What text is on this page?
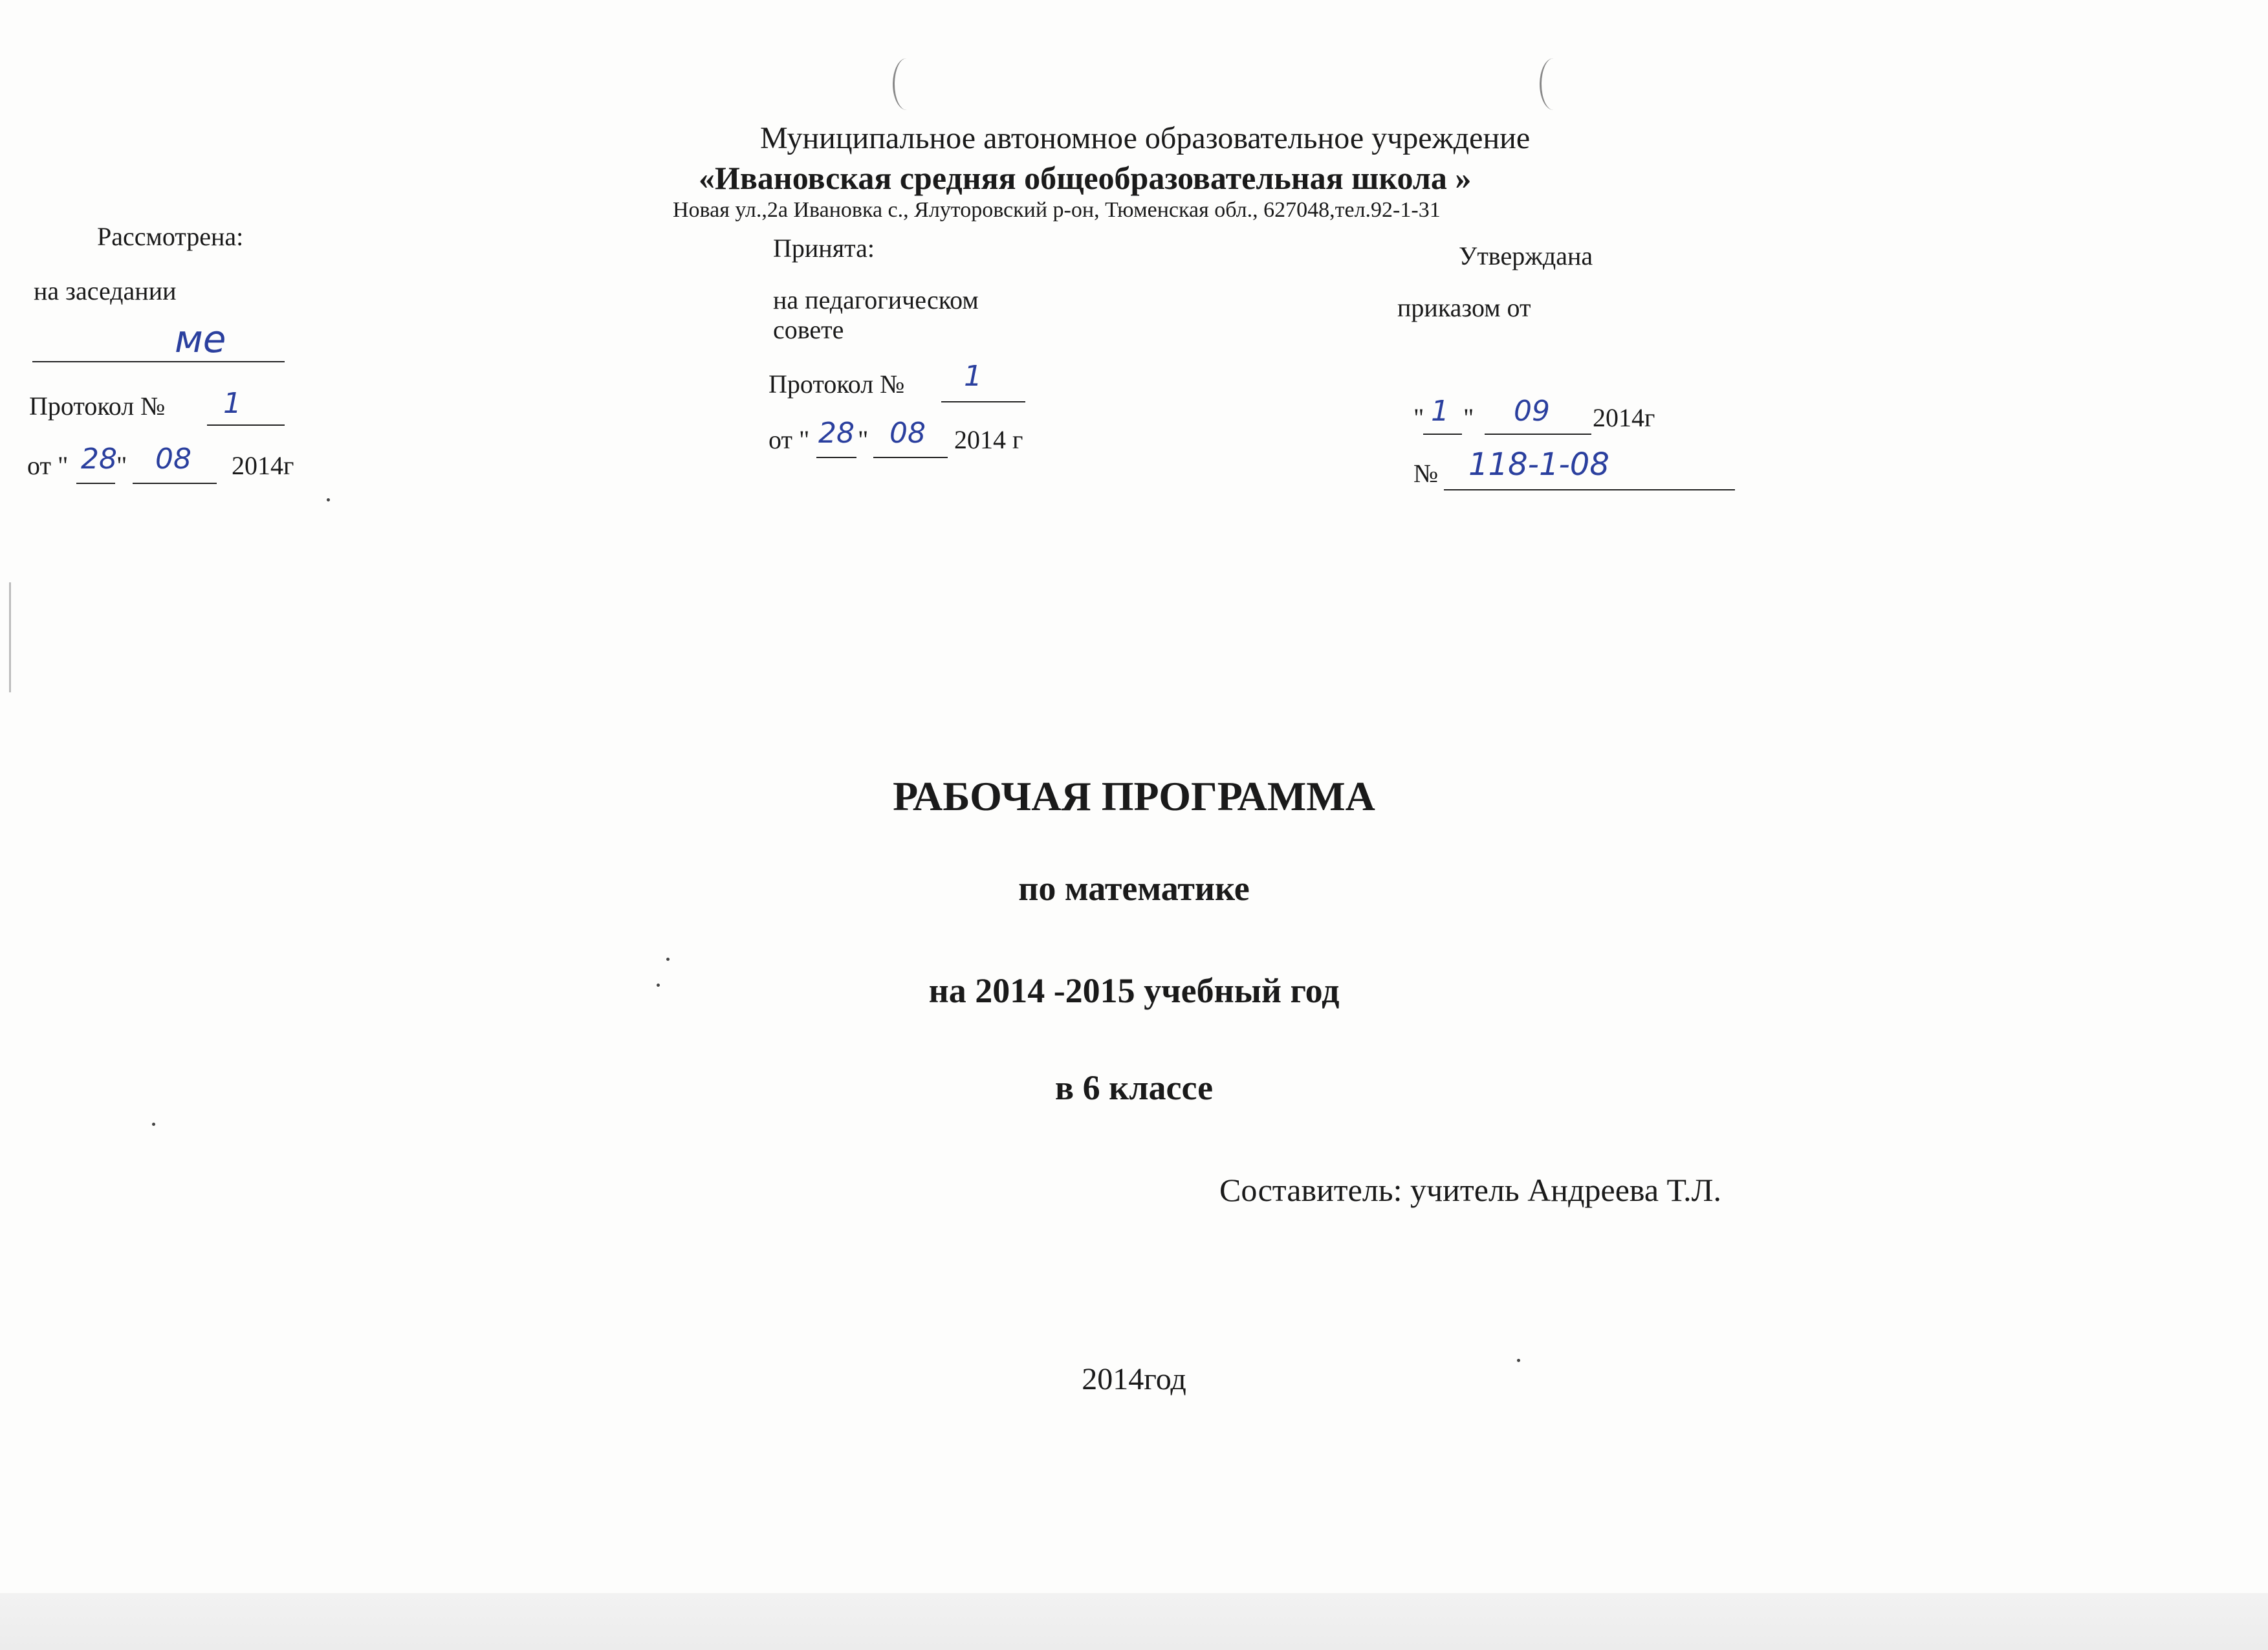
Муниципальное автономное образовательное учреждение
«Ивановская средняя общеобразовательная школа »
Новая ул.,2а Ивановка с., Ялуторовский р-он, Тюменская обл., 627048,тел.92-1-31
Рассмотрена:
на заседании
ме
Протокол № 1
от " 28 " 08 2014г
Принята:
на педагогическом
совете
Протокол № 1
от " 28 " 08 2014 г
Утверждана
приказом от
" 1 " 09 2014г
№ 118-1-08
РАБОЧАЯ ПРОГРАММА
по математике
на 2014 -2015 учебный год
в 6 классе
Составитель: учитель Андреева Т.Л.
2014год
